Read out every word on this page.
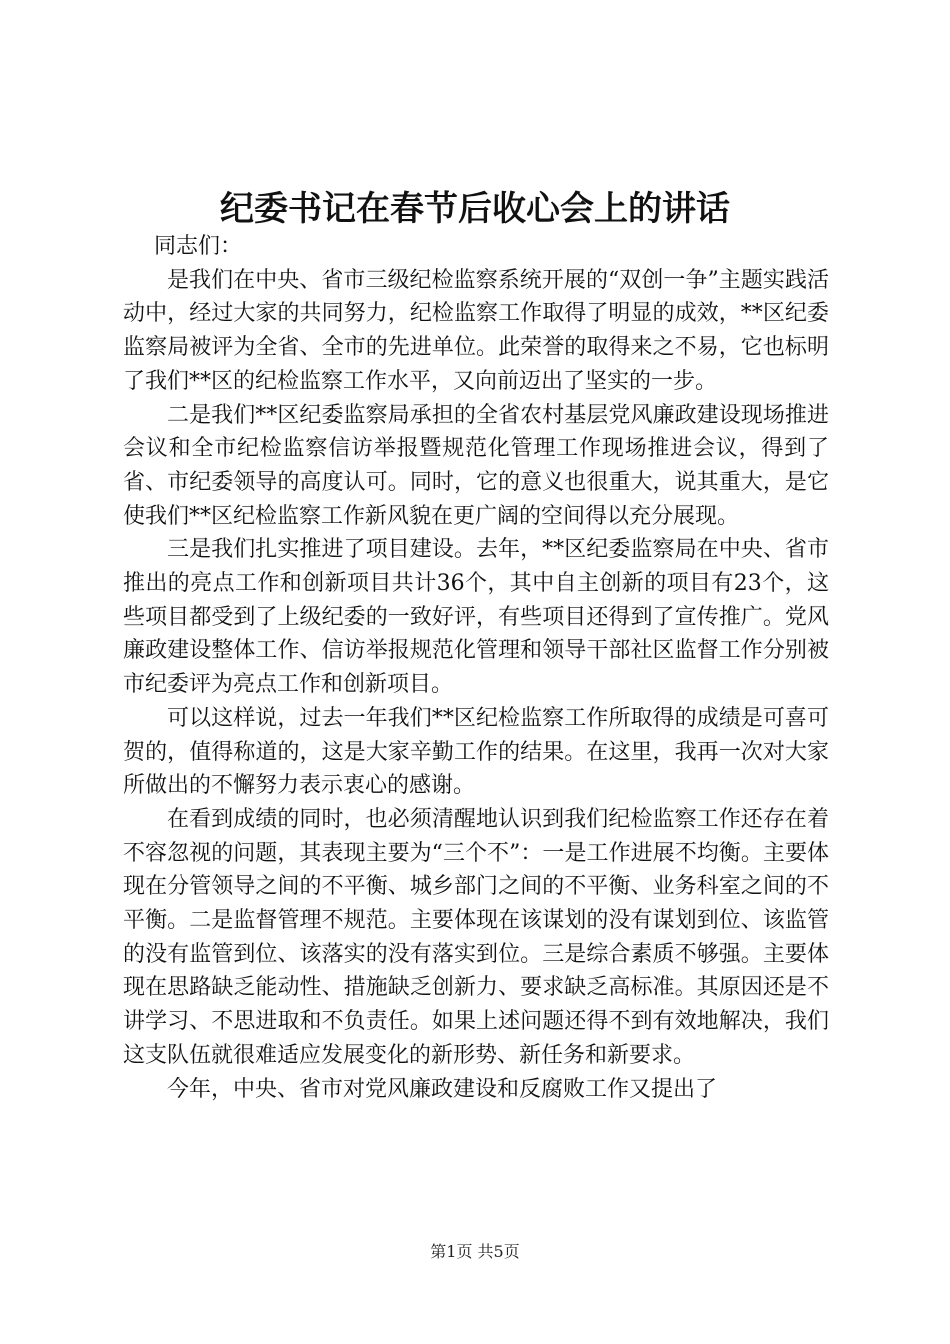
纪委书记在春节后收心会上的讲话

同志们：

是我们在中央、省市三级纪检监察系统开展的“双创一争”主题实践活动中，经过大家的共同努力，纪检监察工作取得了明显的成效，**区纪委监察局被评为全省、全市的先进单位。此荣誉的取得来之不易，它也标明了我们**区的纪检监察工作水平，又向前迈出了坚实的一步。

二是我们**区纪委监察局承担的全省农村基层党风廉政建设现场推进会议和全市纪检监察信访举报暨规范化管理工作现场推进会议，得到了省、市纪委领导的高度认可。同时，它的意义也很重大，说其重大，是它使我们**区纪检监察工作新风貌在更广阔的空间得以充分展现。

三是我们扎实推进了项目建设。去年，**区纪委监察局在中央、省市推出的亮点工作和创新项目共计36个，其中自主创新的项目有23个，这些项目都受到了上级纪委的一致好评，有些项目还得到了宣传推广。党风廉政建设整体工作、信访举报规范化管理和领导干部社区监督工作分别被市纪委评为亮点工作和创新项目。

可以这样说，过去一年我们**区纪检监察工作所取得的成绩是可喜可贺的，值得称道的，这是大家辛勤工作的结果。在这里，我再一次对大家所做出的不懈努力表示衷心的感谢。

在看到成绩的同时，也必须清醒地认识到我们纪检监察工作还存在着不容忽视的问题，其表现主要为“三个不”：一是工作进展不均衡。主要体现在分管领导之间的不平衡、城乡部门之间的不平衡、业务科室之间的不平衡。二是监督管理不规范。主要体现在该谋划的没有谋划到位、该监管的没有监管到位、该落实的没有落实到位。三是综合素质不够强。主要体现在思路缺乏能动性、措施缺乏创新力、要求缺乏高标准。其原因还是不讲学习、不思进取和不负责任。如果上述问题还得不到有效地解决，我们这支队伍就很难适应发展变化的新形势、新任务和新要求。

今年，中央、省市对党风廉政建设和反腐败工作又提出了

第1页 共5页
